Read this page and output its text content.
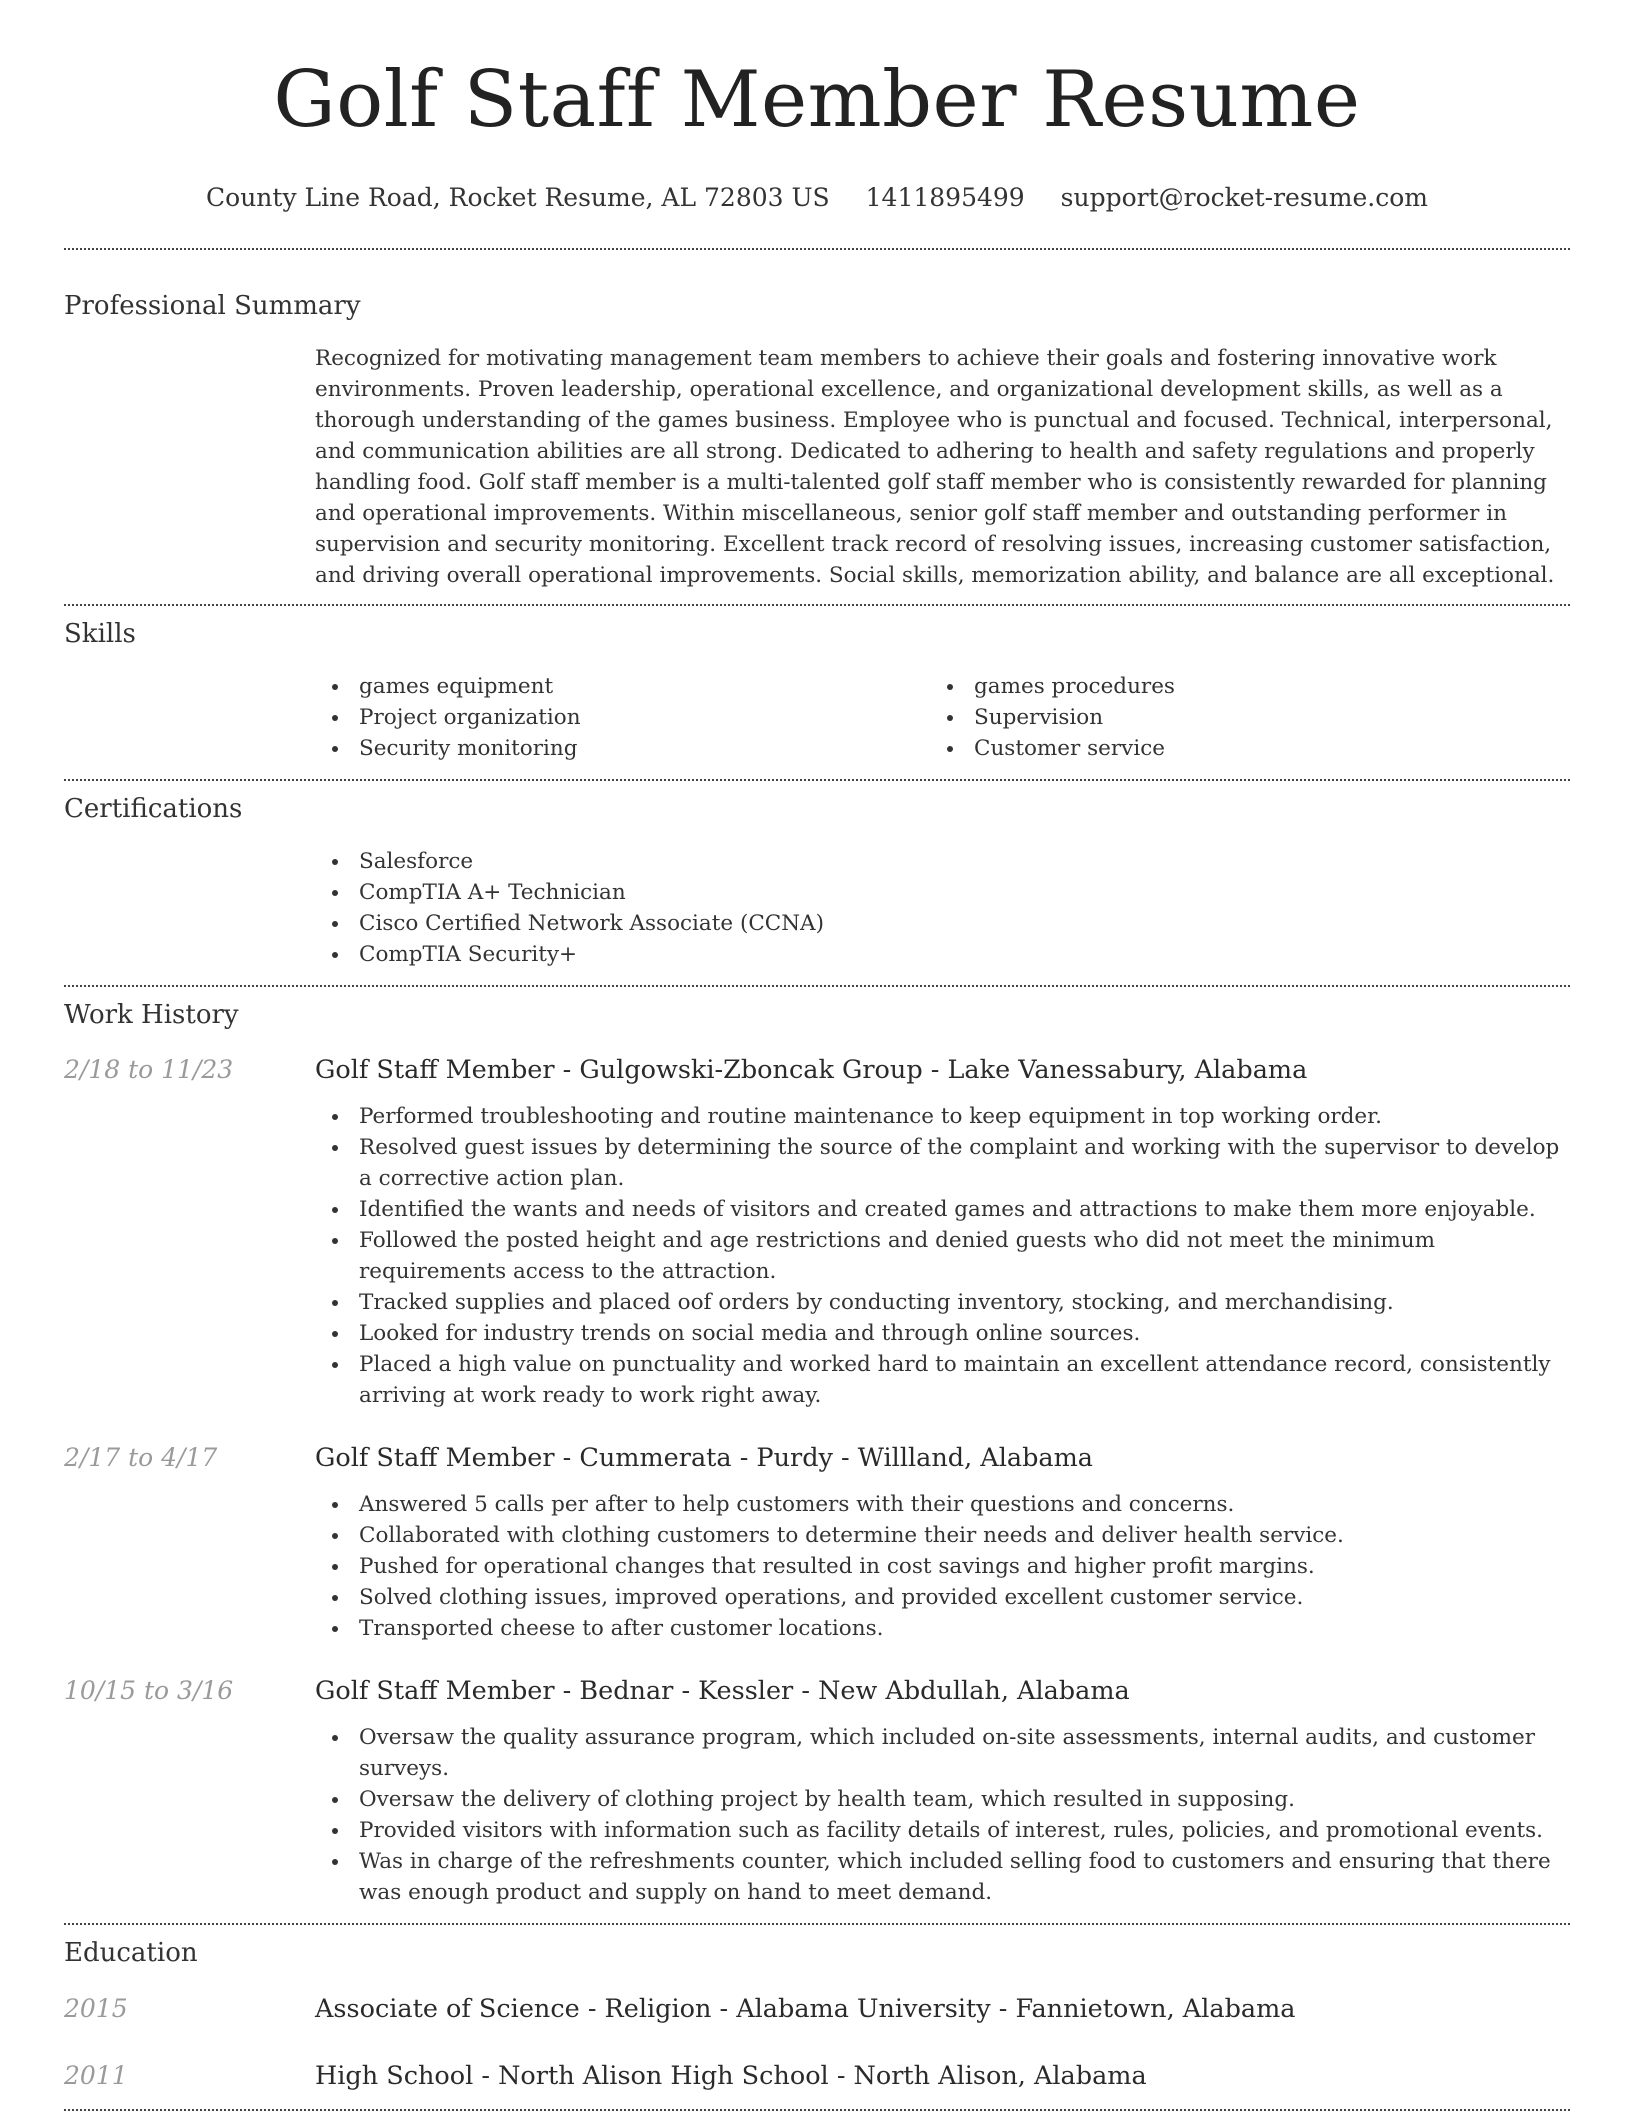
Golf Staff Member Resume
County Line Road, Rocket Resume, AL 72803 US 1411895499 support@rocket-resume.com
Professional Summary

Recognized for motivating management team members to achieve their goals and fostering innovative work environments. Proven leadership, operational excellence, and organizational development skills, as well as a thorough understanding of the games business. Employee who is punctual and focused. Technical, interpersonal, and communication abilities are all strong. Dedicated to adhering to health and safety regulations and properly handling food. Golf staff member is a multi-talented golf staff member who is consistently rewarded for planning and operational improvements. Within miscellaneous, senior golf staff member and outstanding performer in supervision and security monitoring. Excellent track record of resolving issues, increasing customer satisfaction, and driving overall operational improvements. Social skills, memorization ability, and balance are all exceptional.

Skills
games equipment
Project organization
Security monitoring
games procedures
Supervision
Customer service
Certifications
Salesforce
CompTIA A+ Technician
Cisco Certified Network Associate (CCNA)
CompTIA Security+
Work History
2/18 to 11/23	Golf Staff Member - Gulgowski-Zboncak Group - Lake Vanessabury, Alabama
Performed troubleshooting and routine maintenance to keep equipment in top working order.
Resolved guest issues by determining the source of the complaint and working with the supervisor to develop a corrective action plan.
Identified the wants and needs of visitors and created games and attractions to make them more enjoyable.
Followed the posted height and age restrictions and denied guests who did not meet the minimum requirements access to the attraction.
Tracked supplies and placed oof orders by conducting inventory, stocking, and merchandising.
Looked for industry trends on social media and through online sources.
Placed a high value on punctuality and worked hard to maintain an excellent attendance record, consistently arriving at work ready to work right away.
2/17 to 4/17	Golf Staff Member - Cummerata - Purdy - Willland, Alabama
Answered 5 calls per after to help customers with their questions and concerns.
Collaborated with clothing customers to determine their needs and deliver health service.
Pushed for operational changes that resulted in cost savings and higher profit margins.
Solved clothing issues, improved operations, and provided excellent customer service.
Transported cheese to after customer locations.
10/15 to 3/16	Golf Staff Member - Bednar - Kessler - New Abdullah, Alabama
Oversaw the quality assurance program, which included on-site assessments, internal audits, and customer surveys.
Oversaw the delivery of clothing project by health team, which resulted in supposing.
Provided visitors with information such as facility details of interest, rules, policies, and promotional events.
Was in charge of the refreshments counter, which included selling food to customers and ensuring that there was enough product and supply on hand to meet demand.
Education
2015	Associate of Science - Religion - Alabama University - Fannietown, Alabama
2011	High School - North Alison High School - North Alison, Alabama
